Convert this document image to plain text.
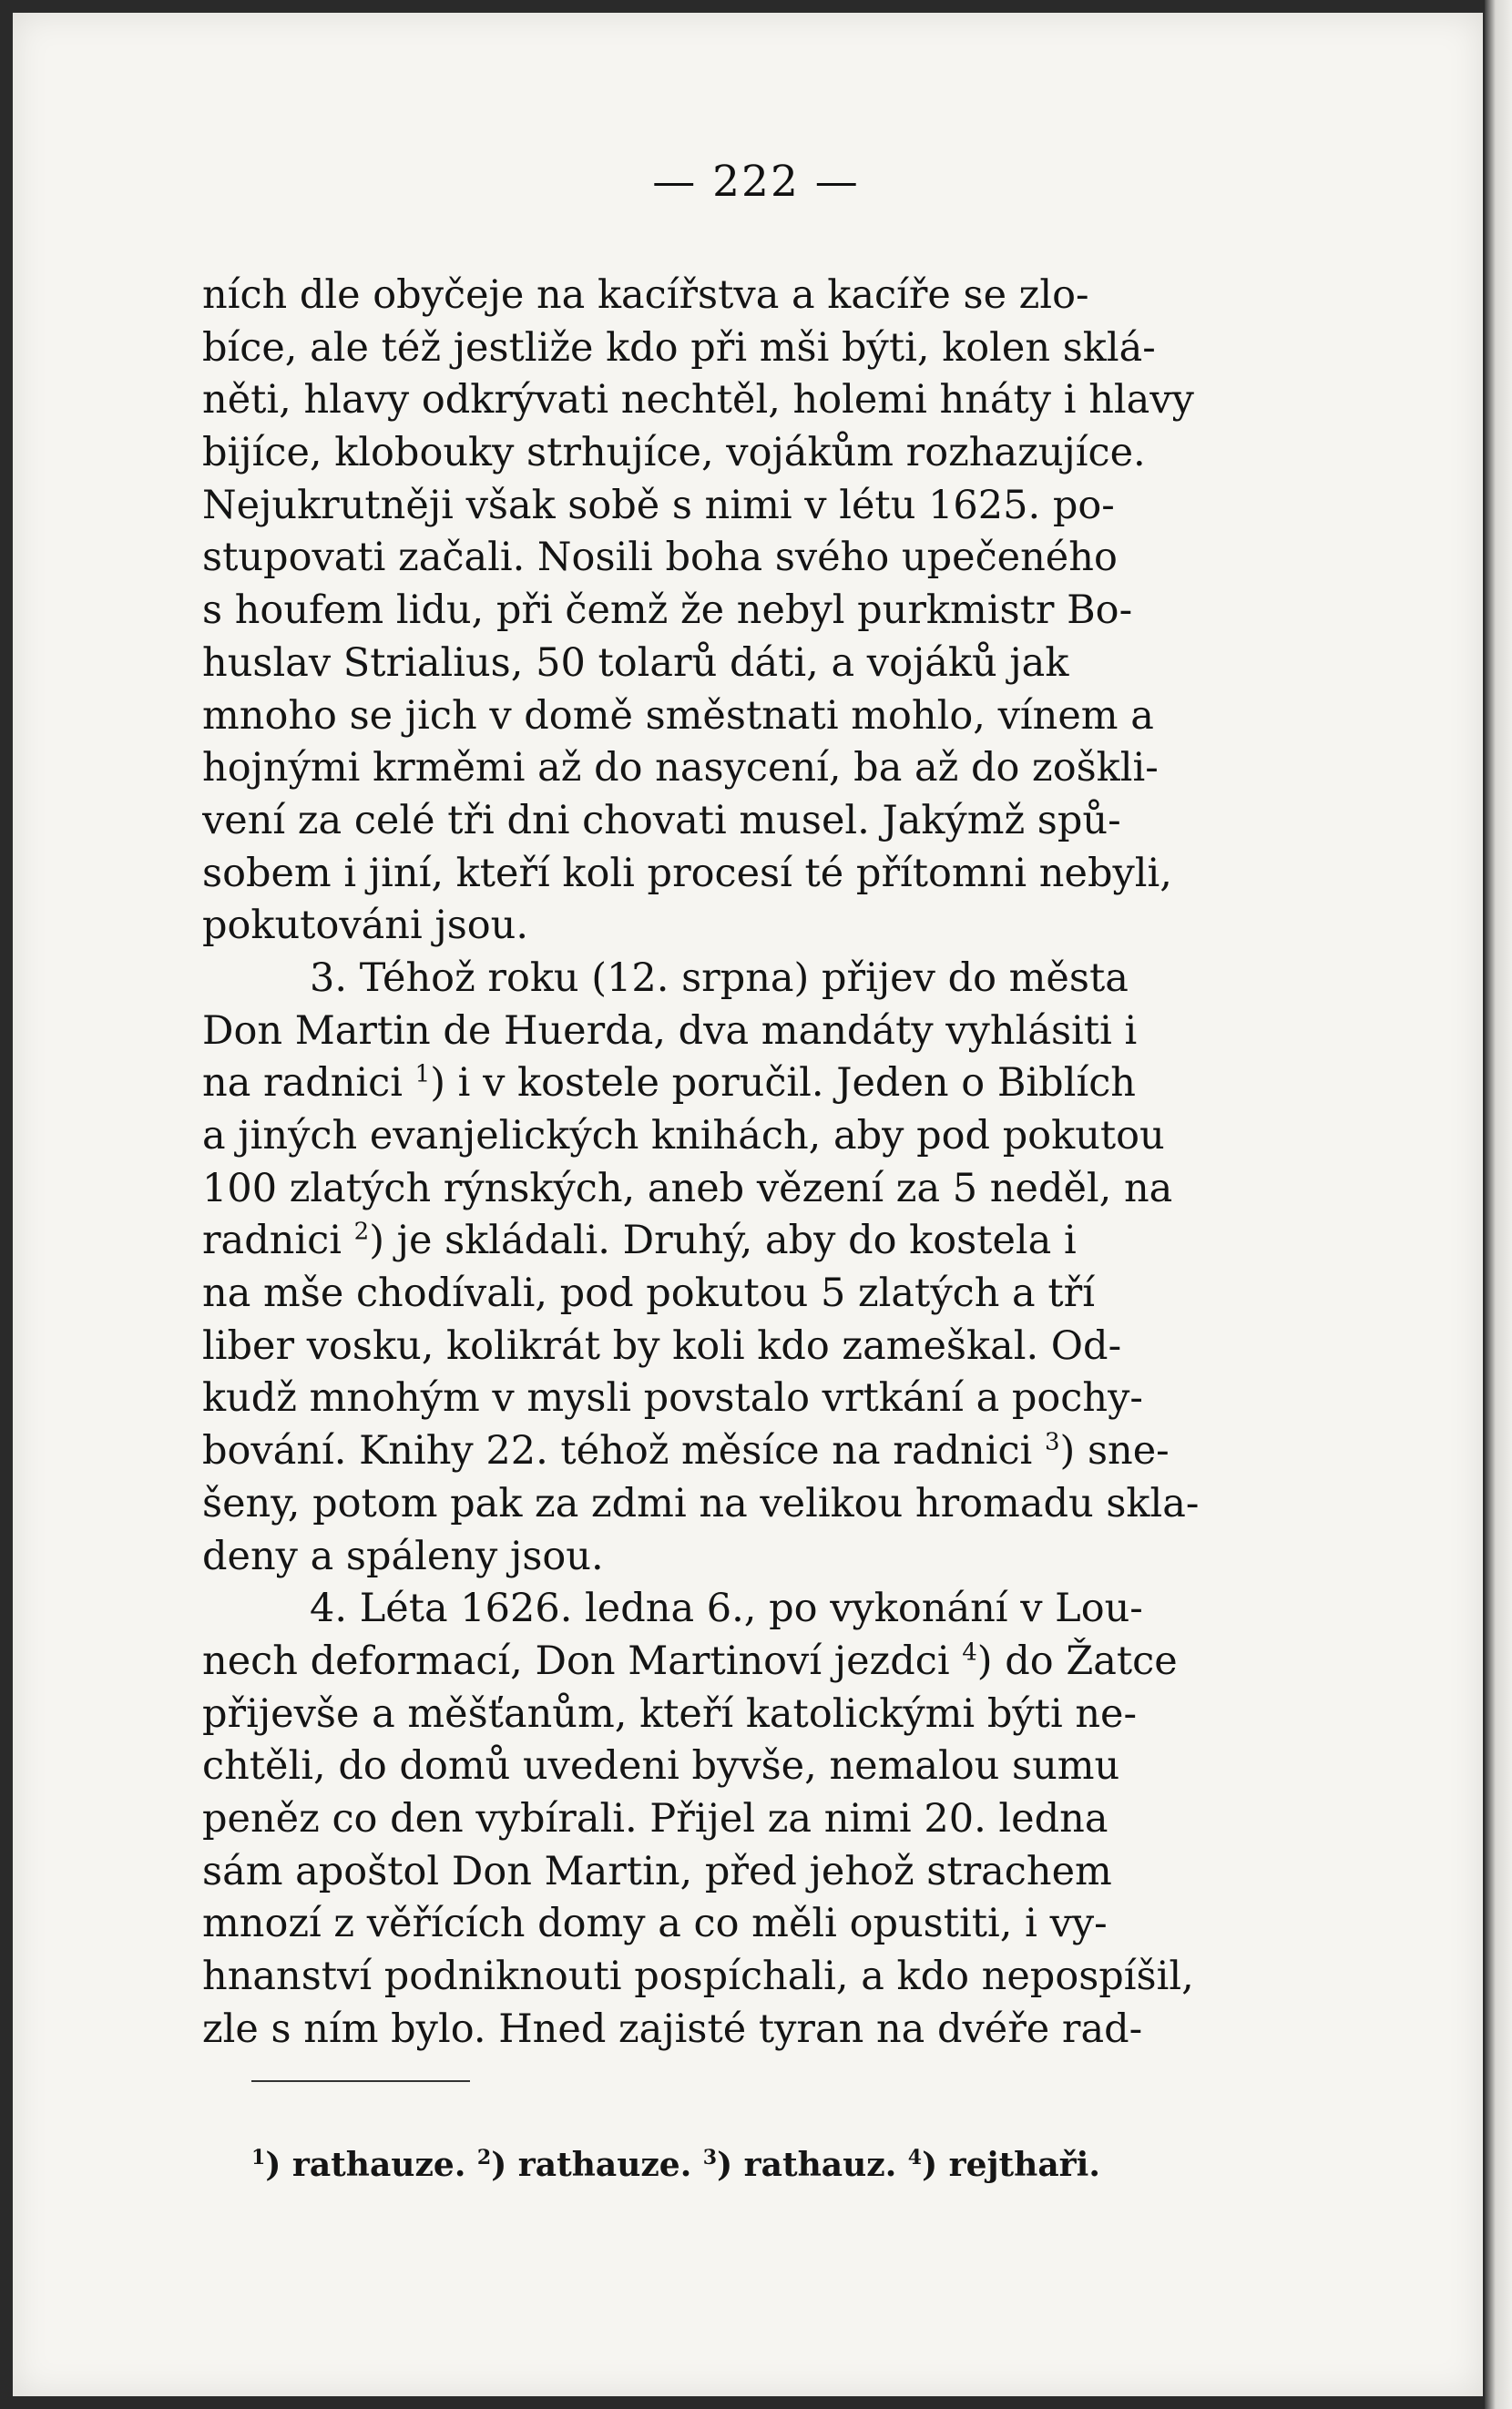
— 222 —
ních dle obyčeje na kacířstva a kacíře se zlo-
bíce, ale též jestliže kdo při mši býti, kolen sklá-
něti, hlavy odkrývati nechtěl, holemi hnáty i hlavy
bijíce, klobouky strhujíce, vojákům rozhazujíce.
Nejukrutněji však sobě s nimi v létu 1625. po-
stupovati začali. Nosili boha svého upečeného
s houfem lidu, při čemž že nebyl purkmistr Bo-
huslav Strialius, 50 tolarů dáti, a vojáků jak
mnoho se jich v domě směstnati mohlo, vínem a
hojnými krměmi až do nasycení, ba až do zoškli-
vení za celé tři dni chovati musel. Jakýmž spů-
sobem i jiní, kteří koli procesí té přítomni nebyli,
pokutováni jsou.
3. Téhož roku (12. srpna) přijev do města
Don Martin de Huerda, dva mandáty vyhlásiti i
na radnici $^1$) i v kostele poručil. Jeden o Biblích
a jiných evanjelických knihách, aby pod pokutou
100 zlatých rýnských, aneb vězení za 5 neděl, na
radnici $^2$) je skládali. Druhý, aby do kostela i
na mše chodívali, pod pokutou 5 zlatých a tří
liber vosku, kolikrát by koli kdo zameškal. Od-
kudž mnohým v mysli povstalo vrtkání a pochy-
bování. Knihy 22. téhož měsíce na radnici $^3$) sne-
šeny, potom pak za zdmi na velikou hromadu skla-
deny a spáleny jsou.
4. Léta 1626. ledna 6., po vykonání v Lou-
nech deformací, Don Martinoví jezdci $^4$) do Žatce
přijevše a měšťanům, kteří katolickými býti ne-
chtěli, do domů uvedeni byvše, nemalou sumu
peněz co den vybírali. Přijel za nimi 20. ledna
sám apoštol Don Martin, před jehož strachem
mnozí z věřících domy a co měli opustiti, i vy-
hnanství podniknouti pospíchali, a kdo nepospíšil,
zle s ním bylo. Hned zajisté tyran na dvéře rad-
$^1$) rathauze. $^2$) rathauze. $^3$) rathauz. $^4$) rejthaři.
